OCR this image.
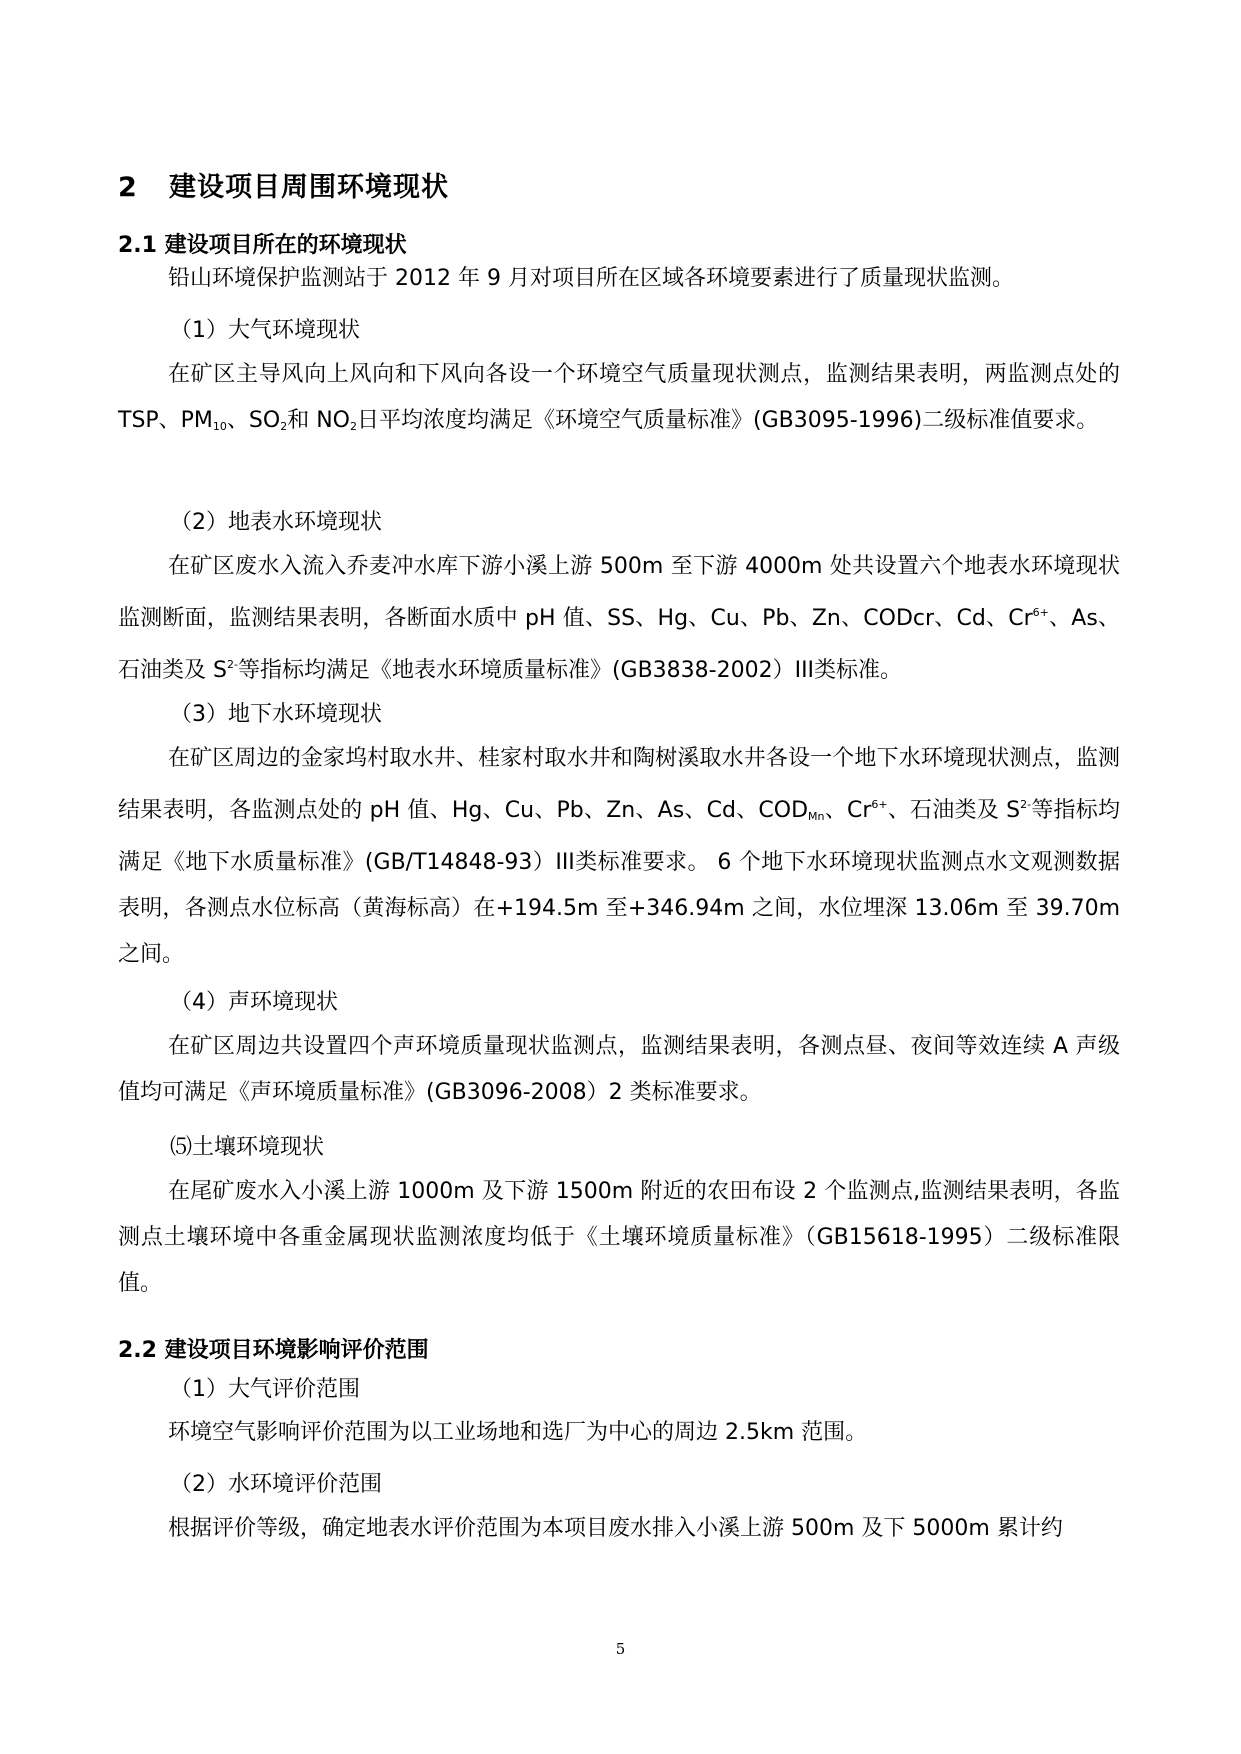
2 建设项目周围环境现状
2.1 建设项目所在的环境现状
铅山环境保护监测站于 2012 年 9 月对项目所在区域各环境要素进行了质量现状监测。
（1）大气环境现状
在矿区主导风向上风向和下风向各设一个环境空气质量现状测点，监测结果表明，两监测点处的 TSP、$PM_{10}$、$SO_2$和 $NO_2$日平均浓度均满足《环境空气质量标准》(GB3095-1996)二级标准值要求。
（2）地表水环境现状
在矿区废水入流入乔麦冲水库下游小溪上游 500m 至下游 4000m 处共设置六个地表水环境现状监测断面，监测结果表明，各断面水质中 pH 值、SS、Hg、Cu、Pb、Zn、CODcr、Cd、$Cr^{6+}$、As、石油类及 $S^{2-}$等指标均满足《地表水环境质量标准》(GB3838-2002）III类标准。
（3）地下水环境现状
在矿区周边的金家坞村取水井、桂家村取水井和陶树溪取水井各设一个地下水环境现状测点，监测结果表明，各监测点处的 pH 值、Hg、Cu、Pb、Zn、As、Cd、$COD_{Mn}$、$Cr^{6+}$、石油类及 $S^{2-}$等指标均满足《地下水质量标准》(GB/T14848-93）III类标准要求。 6 个地下水环境现状监测点水文观测数据表明，各测点水位标高（黄海标高）在+194.5m 至+346.94m 之间，水位埋深 13.06m 至 39.70m 之间。
（4）声环境现状
在矿区周边共设置四个声环境质量现状监测点，监测结果表明，各测点昼、夜间等效连续 A 声级值均可满足《声环境质量标准》(GB3096-2008）2 类标准要求。
⑸土壤环境现状
在尾矿废水入小溪上游 1000m 及下游 1500m 附近的农田布设 2 个监测点,监测结果表明，各监测点土壤环境中各重金属现状监测浓度均低于《土壤环境质量标准》（GB15618-1995）二级标准限值。
2.2 建设项目环境影响评价范围
（1）大气评价范围
环境空气影响评价范围为以工业场地和选厂为中心的周边 2.5km 范围。
（2）水环境评价范围
根据评价等级，确定地表水评价范围为本项目废水排入小溪上游 500m 及下 5000m 累计约
5
